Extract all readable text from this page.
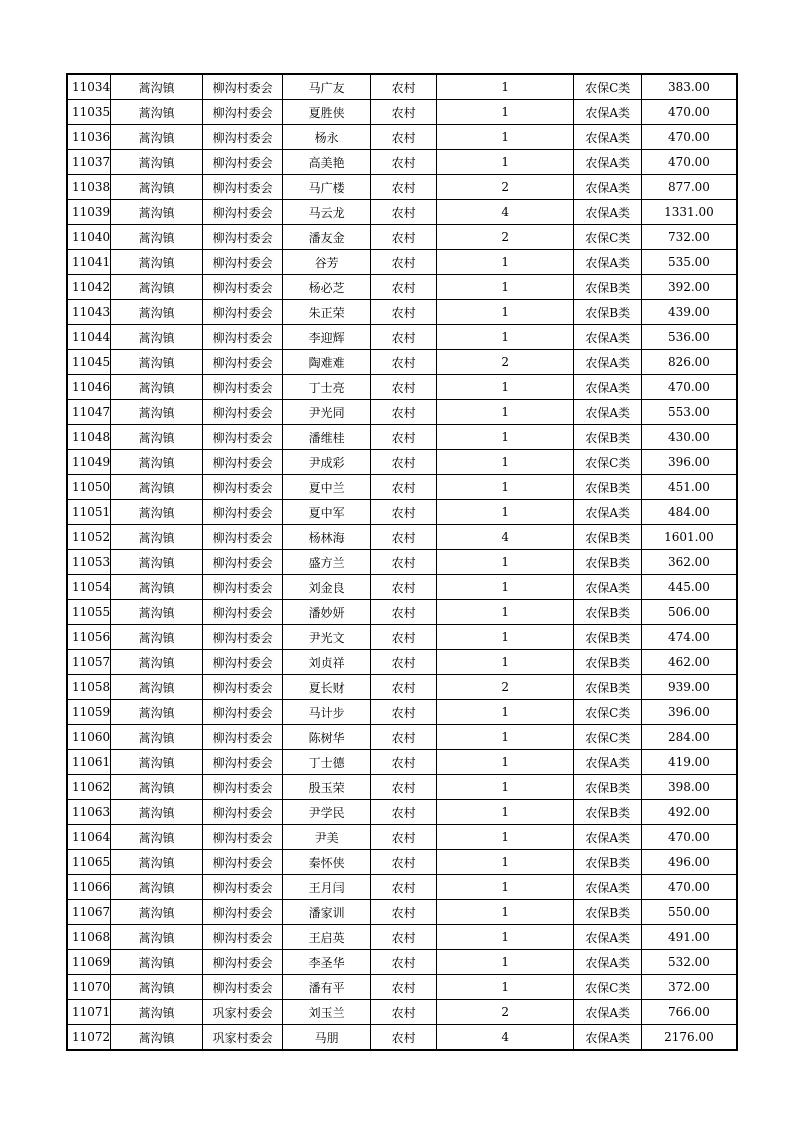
11034	蒿沟镇	柳沟村委会	马广友	农村	1	农保C类	383.00
11035	蒿沟镇	柳沟村委会	夏胜侠	农村	1	农保A类	470.00
11036	蒿沟镇	柳沟村委会	杨永	农村	1	农保A类	470.00
11037	蒿沟镇	柳沟村委会	高美艳	农村	1	农保A类	470.00
11038	蒿沟镇	柳沟村委会	马广楼	农村	2	农保A类	877.00
11039	蒿沟镇	柳沟村委会	马云龙	农村	4	农保A类	1331.00
11040	蒿沟镇	柳沟村委会	潘友金	农村	2	农保C类	732.00
11041	蒿沟镇	柳沟村委会	谷芳	农村	1	农保A类	535.00
11042	蒿沟镇	柳沟村委会	杨必芝	农村	1	农保B类	392.00
11043	蒿沟镇	柳沟村委会	朱正荣	农村	1	农保B类	439.00
11044	蒿沟镇	柳沟村委会	李迎辉	农村	1	农保A类	536.00
11045	蒿沟镇	柳沟村委会	陶难难	农村	2	农保A类	826.00
11046	蒿沟镇	柳沟村委会	丁士亮	农村	1	农保A类	470.00
11047	蒿沟镇	柳沟村委会	尹光同	农村	1	农保A类	553.00
11048	蒿沟镇	柳沟村委会	潘维桂	农村	1	农保B类	430.00
11049	蒿沟镇	柳沟村委会	尹成彩	农村	1	农保C类	396.00
11050	蒿沟镇	柳沟村委会	夏中兰	农村	1	农保B类	451.00
11051	蒿沟镇	柳沟村委会	夏中军	农村	1	农保A类	484.00
11052	蒿沟镇	柳沟村委会	杨林海	农村	4	农保B类	1601.00
11053	蒿沟镇	柳沟村委会	盛方兰	农村	1	农保B类	362.00
11054	蒿沟镇	柳沟村委会	刘金良	农村	1	农保A类	445.00
11055	蒿沟镇	柳沟村委会	潘妙妍	农村	1	农保B类	506.00
11056	蒿沟镇	柳沟村委会	尹光文	农村	1	农保B类	474.00
11057	蒿沟镇	柳沟村委会	刘贞祥	农村	1	农保B类	462.00
11058	蒿沟镇	柳沟村委会	夏长财	农村	2	农保B类	939.00
11059	蒿沟镇	柳沟村委会	马计步	农村	1	农保C类	396.00
11060	蒿沟镇	柳沟村委会	陈树华	农村	1	农保C类	284.00
11061	蒿沟镇	柳沟村委会	丁士德	农村	1	农保A类	419.00
11062	蒿沟镇	柳沟村委会	殷玉荣	农村	1	农保B类	398.00
11063	蒿沟镇	柳沟村委会	尹学民	农村	1	农保B类	492.00
11064	蒿沟镇	柳沟村委会	尹美	农村	1	农保A类	470.00
11065	蒿沟镇	柳沟村委会	秦怀侠	农村	1	农保B类	496.00
11066	蒿沟镇	柳沟村委会	王月闫	农村	1	农保A类	470.00
11067	蒿沟镇	柳沟村委会	潘家训	农村	1	农保B类	550.00
11068	蒿沟镇	柳沟村委会	王启英	农村	1	农保A类	491.00
11069	蒿沟镇	柳沟村委会	李圣华	农村	1	农保A类	532.00
11070	蒿沟镇	柳沟村委会	潘有平	农村	1	农保C类	372.00
11071	蒿沟镇	巩家村委会	刘玉兰	农村	2	农保A类	766.00
11072	蒿沟镇	巩家村委会	马朋	农村	4	农保A类	2176.00
